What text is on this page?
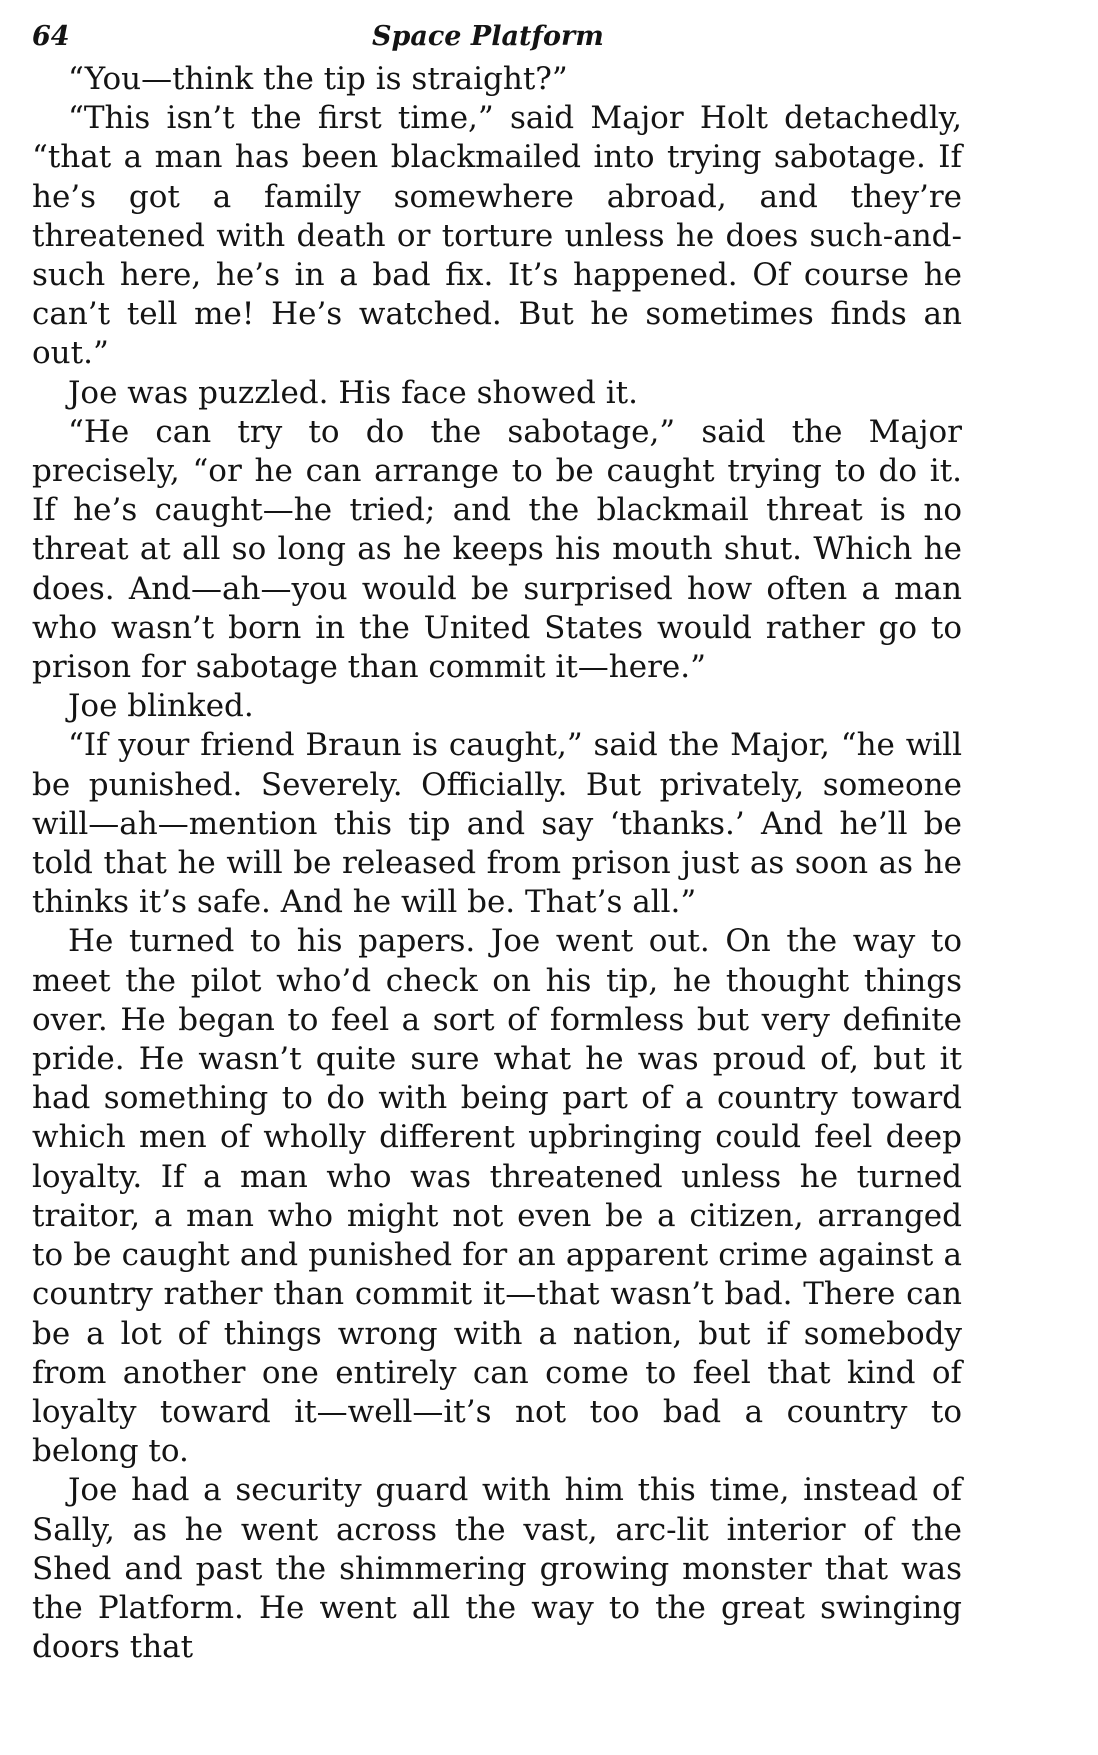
64	Space Platform

“You—think the tip is straight?”

“This isn’t the first time,” said Major Holt detachedly, “that a man has been blackmailed into trying sabotage. If he’s got a family somewhere abroad, and they’re threatened with death or torture unless he does such-and-such here, he’s in a bad fix. It’s happened. Of course he can’t tell me! He’s watched. But he sometimes finds an out.”

Joe was puzzled. His face showed it.

“He can try to do the sabotage,” said the Major precisely, “or he can arrange to be caught trying to do it. If he’s caught—he tried; and the blackmail threat is no threat at all so long as he keeps his mouth shut. Which he does. And—ah—you would be surprised how often a man who wasn’t born in the United States would rather go to prison for sabotage than commit it—here.”

Joe blinked.

“If your friend Braun is caught,” said the Major, “he will be punished. Severely. Officially. But privately, someone will—ah—mention this tip and say ‘thanks.’ And he’ll be told that he will be released from prison just as soon as he thinks it’s safe. And he will be. That’s all.”

He turned to his papers. Joe went out. On the way to meet the pilot who’d check on his tip, he thought things over. He began to feel a sort of formless but very definite pride. He wasn’t quite sure what he was proud of, but it had something to do with being part of a country toward which men of wholly different upbringing could feel deep loyalty. If a man who was threatened unless he turned traitor, a man who might not even be a citizen, arranged to be caught and punished for an apparent crime against a country rather than commit it—that wasn’t bad. There can be a lot of things wrong with a nation, but if somebody from another one entirely can come to feel that kind of loyalty toward it—well—it’s not too bad a country to belong to.

Joe had a security guard with him this time, instead of Sally, as he went across the vast, arc-lit interior of the Shed and past the shimmering growing monster that was the Platform. He went all the way to the great swinging doors that
